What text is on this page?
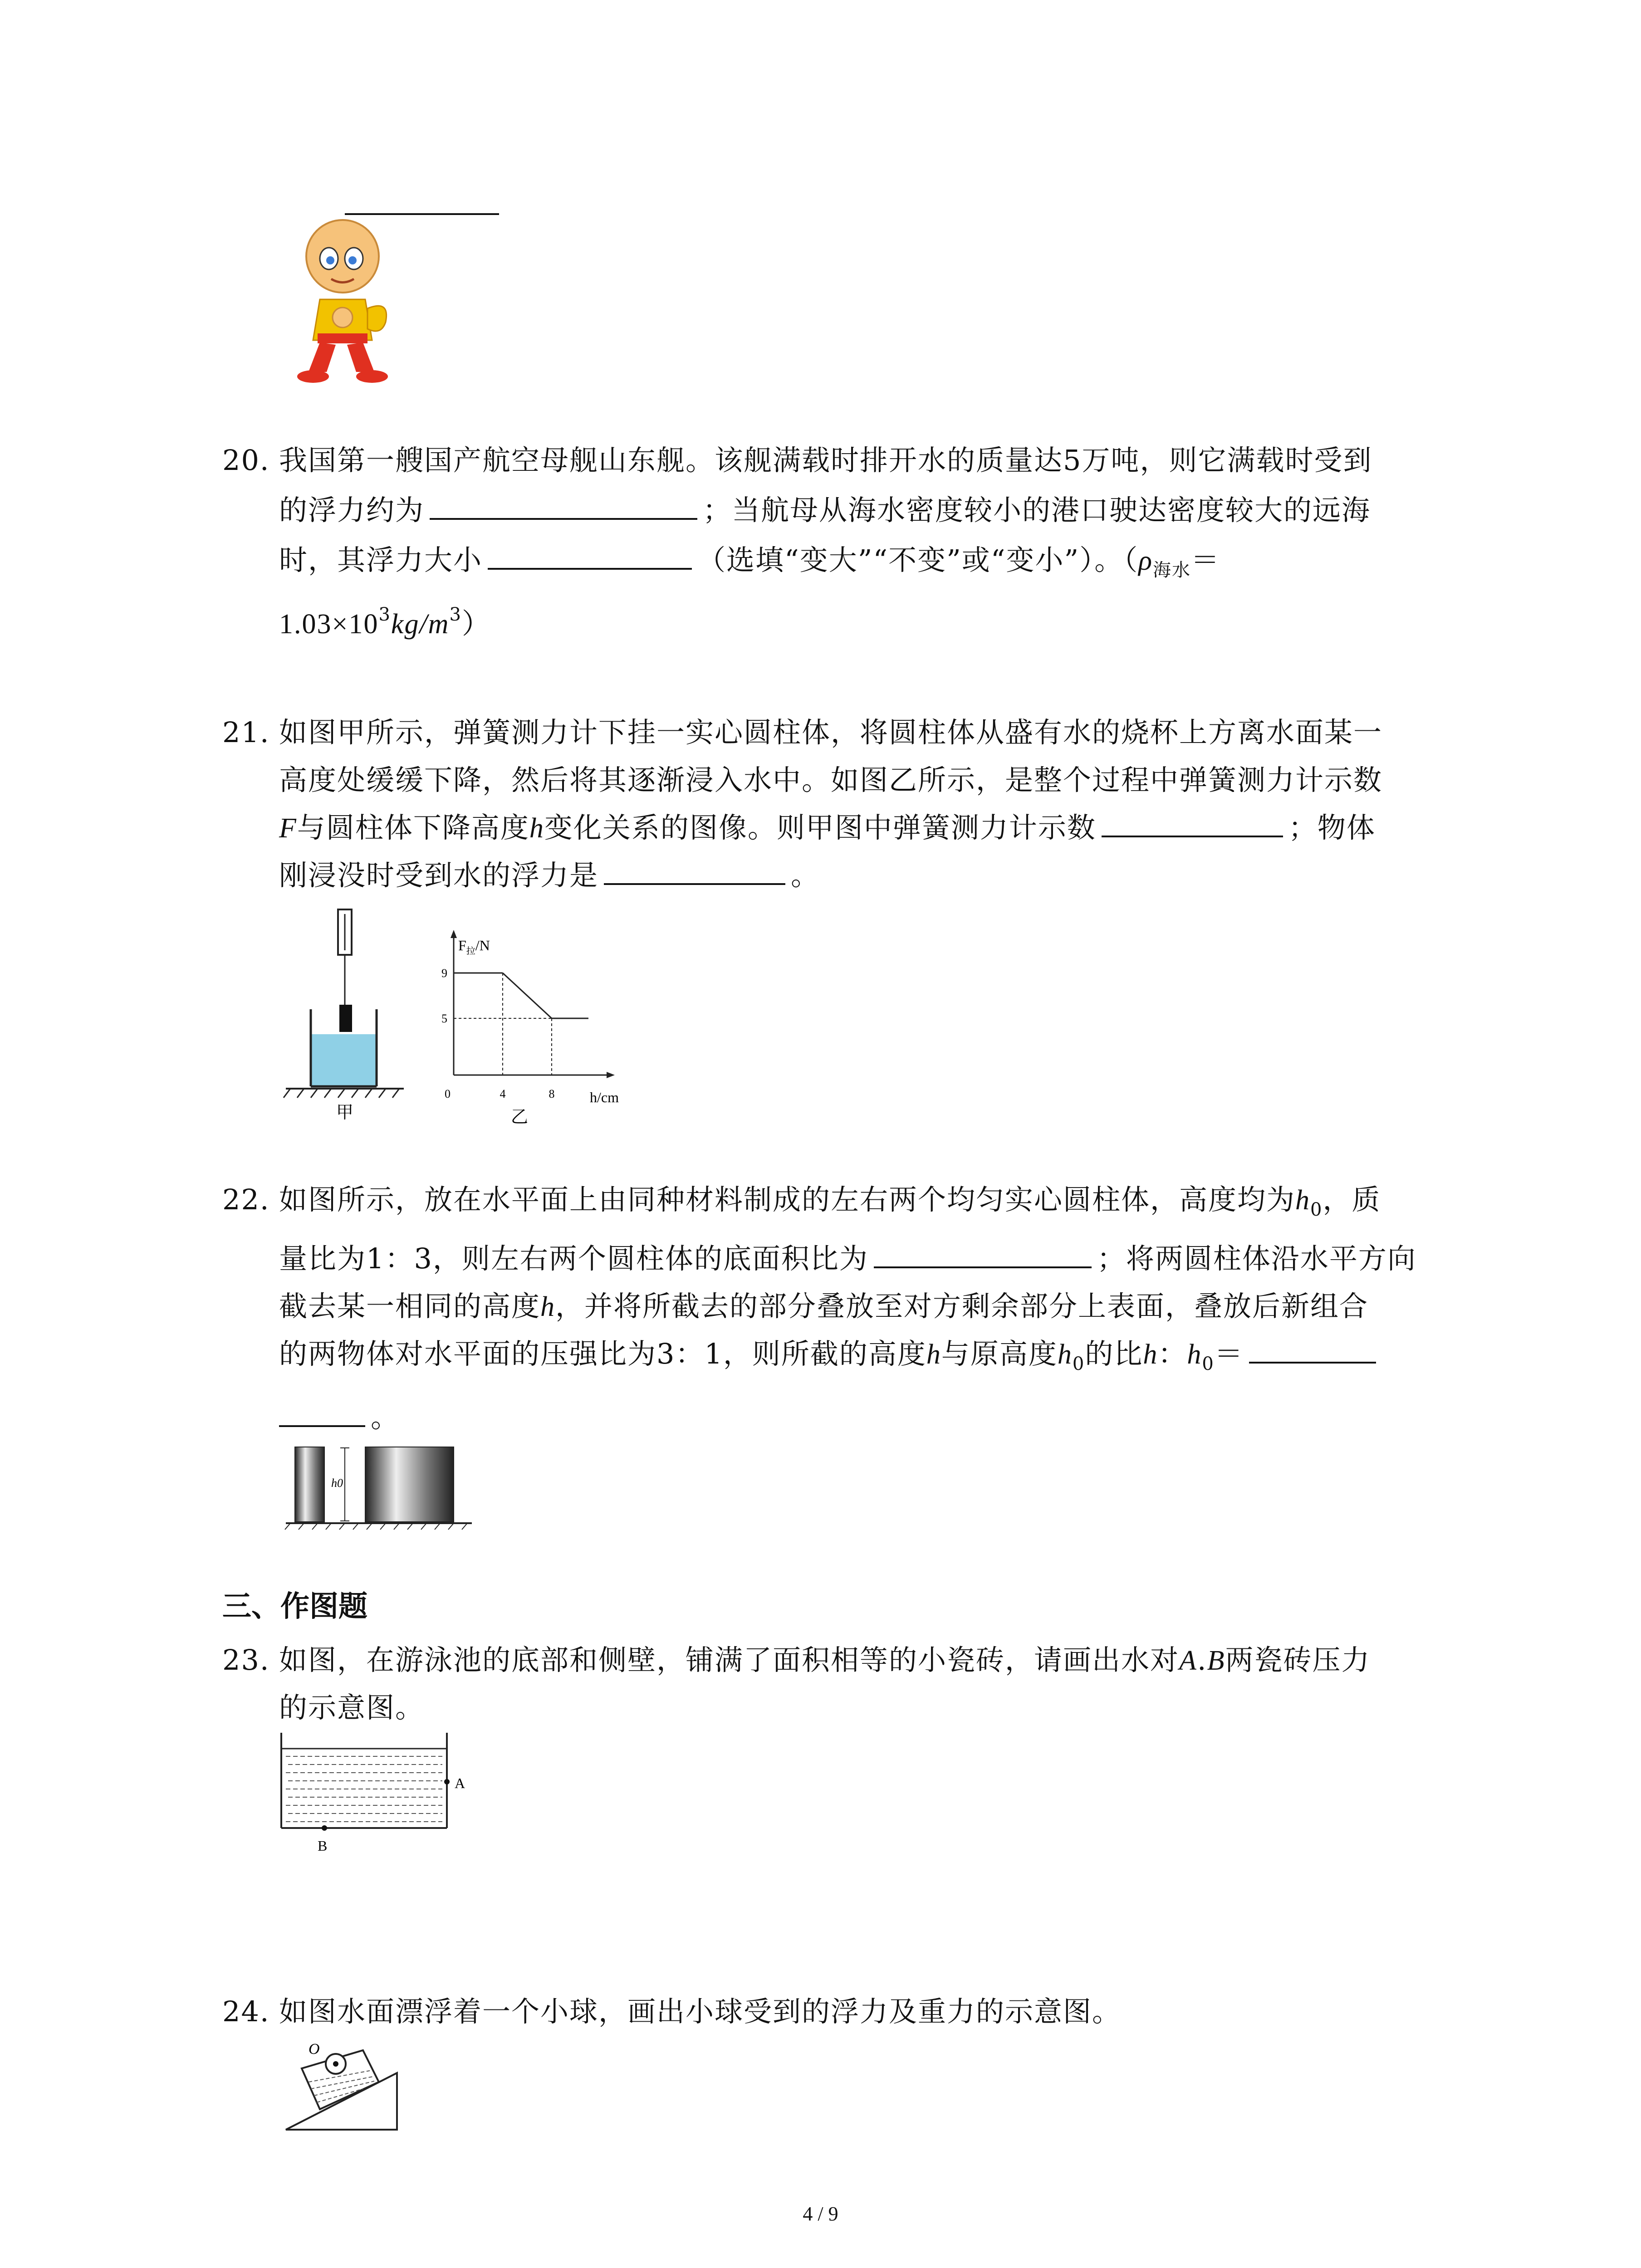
20. 我国第一艘国产航空母舰山东舰。该舰满载时排开水的质量达5万吨，则它满载时受到
的浮力约为	；当航母从海水密度较小的港口驶达密度较大的远海
时，其浮力大小	（选填“变大”“不变”或“变小”）。（$\rho_{海水}=$
$1.03\times 10^3kg/m^3$）
21. 如图甲所示，弹簧测力计下挂一实心圆柱体，将圆柱体从盛有水的烧杯上方离水面某一
高度处缓缓下降，然后将其逐渐浸入水中。如图乙所示，是整个过程中弹簧测力计示数
F与圆柱体下降高度h变化关系的图像。则甲图中弹簧测力计示数	；物体
刚浸没时受到水的浮力是	。
甲
$F_拉/N$
h/cm
0	4	8
9
5
乙
22. 如图所示，放在水平面上由同种材料制成的左右两个均匀实心圆柱体，高度均为$h_0$，质
量比为1：3，则左右两个圆柱体的底面积比为	；将两圆柱体沿水平方向
截去某一相同的高度h，并将所截去的部分叠放至对方剩余部分上表面，叠放后新组合
的两物体对水平面的压强比为3：1，则所截的高度h与原高度$h_0$的比h：$h_0=$
。
h0
三、作图题
23. 如图，在游泳池的底部和侧壁，铺满了面积相等的小瓷砖，请画出水对A.B两瓷砖压力
的示意图。
A
B
24. 如图水面漂浮着一个小球，画出小球受到的浮力及重力的示意图。
O
4 / 9
